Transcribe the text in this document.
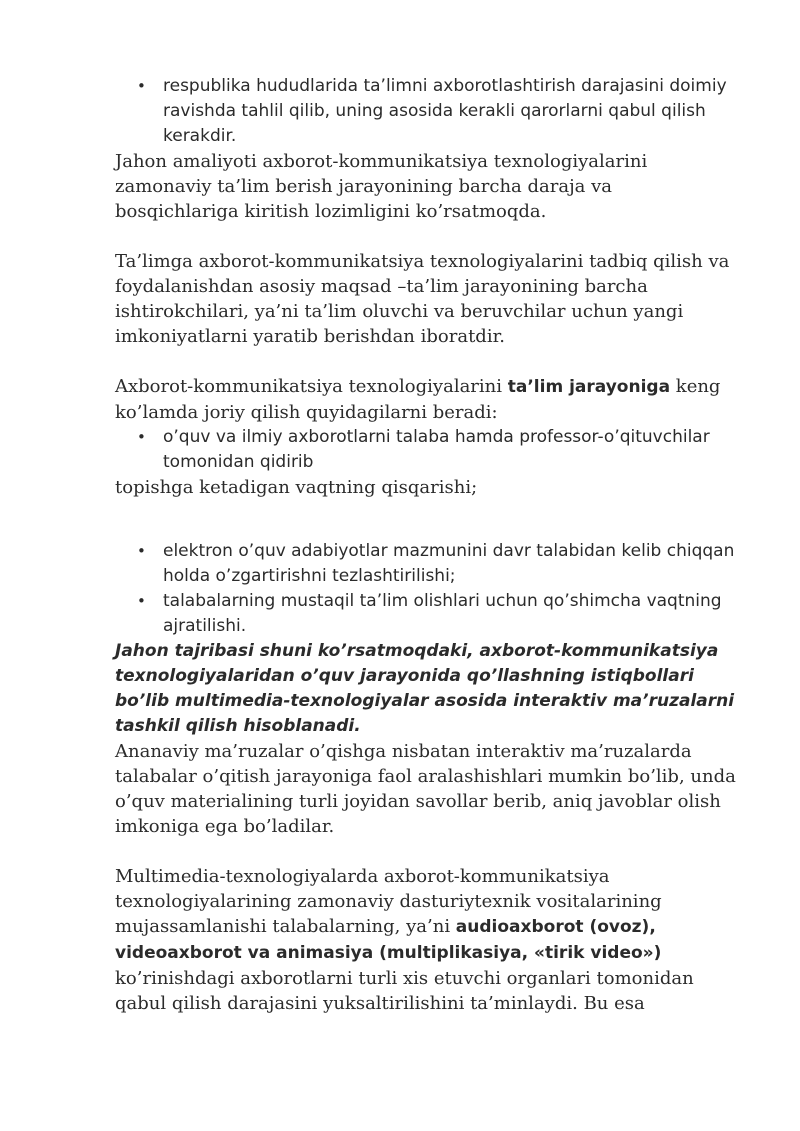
• respublika hududlarida ta’limni axborotlashtirish darajasini doimiy ravishda tahlil qilib, uning asosida kerakli qarorlarni qabul qilish kerakdir.

Jahon amaliyoti axborot-kommunikatsiya texnologiyalarini zamonaviy ta’lim berish jarayonining barcha daraja va bosqichlariga kiritish lozimligini ko’rsatmoqda.

Ta’limga axborot-kommunikatsiya texnologiyalarini tadbiq qilish va foydalanishdan asosiy maqsad –ta’lim jarayonining barcha ishtirokchilari, ya’ni ta’lim oluvchi va beruvchilar uchun yangi imkoniyatlarni yaratib berishdan iboratdir.

Axborot-kommunikatsiya texnologiyalarini ta’lim jarayoniga keng ko’lamda joriy qilish quyidagilarni beradi:

• o’quv va ilmiy axborotlarni talaba hamda professor-o’qituvchilar tomonidan qidirib

topishga ketadigan vaqtning qisqarishi;

• elektron o’quv adabiyotlar mazmunini davr talabidan kelib chiqqan holda o’zgartirishni tezlashtirilishi;
• talabalarning mustaqil ta’lim olishlari uchun qo’shimcha vaqtning ajratilishi.

Jahon tajribasi shuni ko’rsatmoqdaki, axborot-kommunikatsiya texnologiyalaridan o’quv jarayonida qo’llashning istiqbollari bo’lib multimedia-texnologiyalar asosida interaktiv ma’ruzalarni tashkil qilish hisoblanadi.

Ananaviy ma’ruzalar o’qishga nisbatan interaktiv ma’ruzalarda talabalar o’qitish jarayoniga faol aralashishlari mumkin bo’lib, unda o’quv materialining turli joyidan savollar berib, aniq javoblar olish imkoniga ega bo’ladilar.

Multimedia-texnologiyalarda axborot-kommunikatsiya texnologiyalarining zamonaviy dasturiytexnik vositalarining mujassamlanishi talabalarning, ya’ni audioaxborot (ovoz), videoaxborot va animasiya (multiplikasiya, «tirik video») ko’rinishdagi axborotlarni turli xis etuvchi organlari tomonidan qabul qilish darajasini yuksaltirilishini ta’minlaydi. Bu esa
